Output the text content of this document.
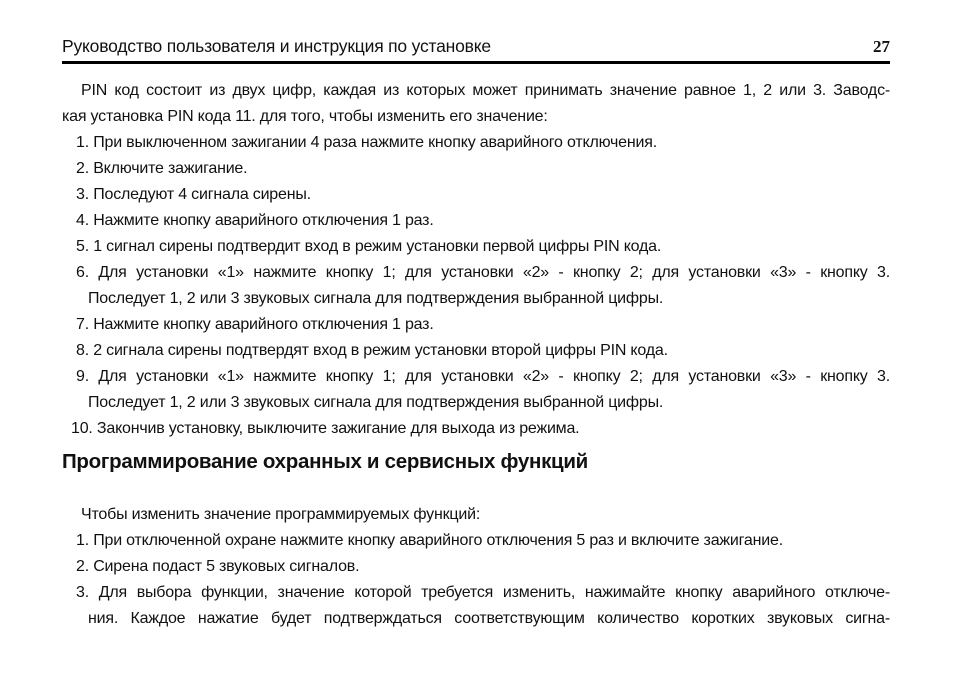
Руководство пользователя и инструкция по установке	27
PIN код состоит из двух цифр, каждая из которых может принимать значение равное 1, 2 или 3. Заводс-
кая установка PIN кода 11. для того, чтобы изменить его значение:
1. При выключенном зажигании 4 раза нажмите кнопку аварийного отключения.
2. Включите зажигание.
3. Последуют 4 сигнала сирены.
4. Нажмите кнопку аварийного отключения 1 раз.
5. 1 сигнал сирены подтвердит вход в режим установки первой цифры PIN кода.
6. Для установки «1» нажмите кнопку 1; для установки «2» - кнопку 2; для установки «3» - кнопку 3.
Последует 1, 2 или 3 звуковых сигнала для подтверждения выбранной цифры.
7. Нажмите кнопку аварийного отключения 1 раз.
8. 2 сигнала сирены подтвердят вход в режим установки второй цифры PIN кода.
9. Для установки «1» нажмите кнопку 1; для установки «2» - кнопку 2; для установки «3» - кнопку 3.
Последует 1, 2 или 3 звуковых сигнала для подтверждения выбранной цифры.
10. Закончив установку, выключите зажигание для выхода из режима.
Программирование охранных и сервисных функций
Чтобы изменить значение программируемых функций:
1. При отключенной охране нажмите кнопку аварийного отключения 5 раз и включите зажигание.
2. Сирена подаст 5 звуковых сигналов.
3. Для выбора функции, значение которой требуется изменить, нажимайте кнопку аварийного отключе-
ния. Каждое нажатие будет подтверждаться соответствующим количество коротких звуковых сигна-
